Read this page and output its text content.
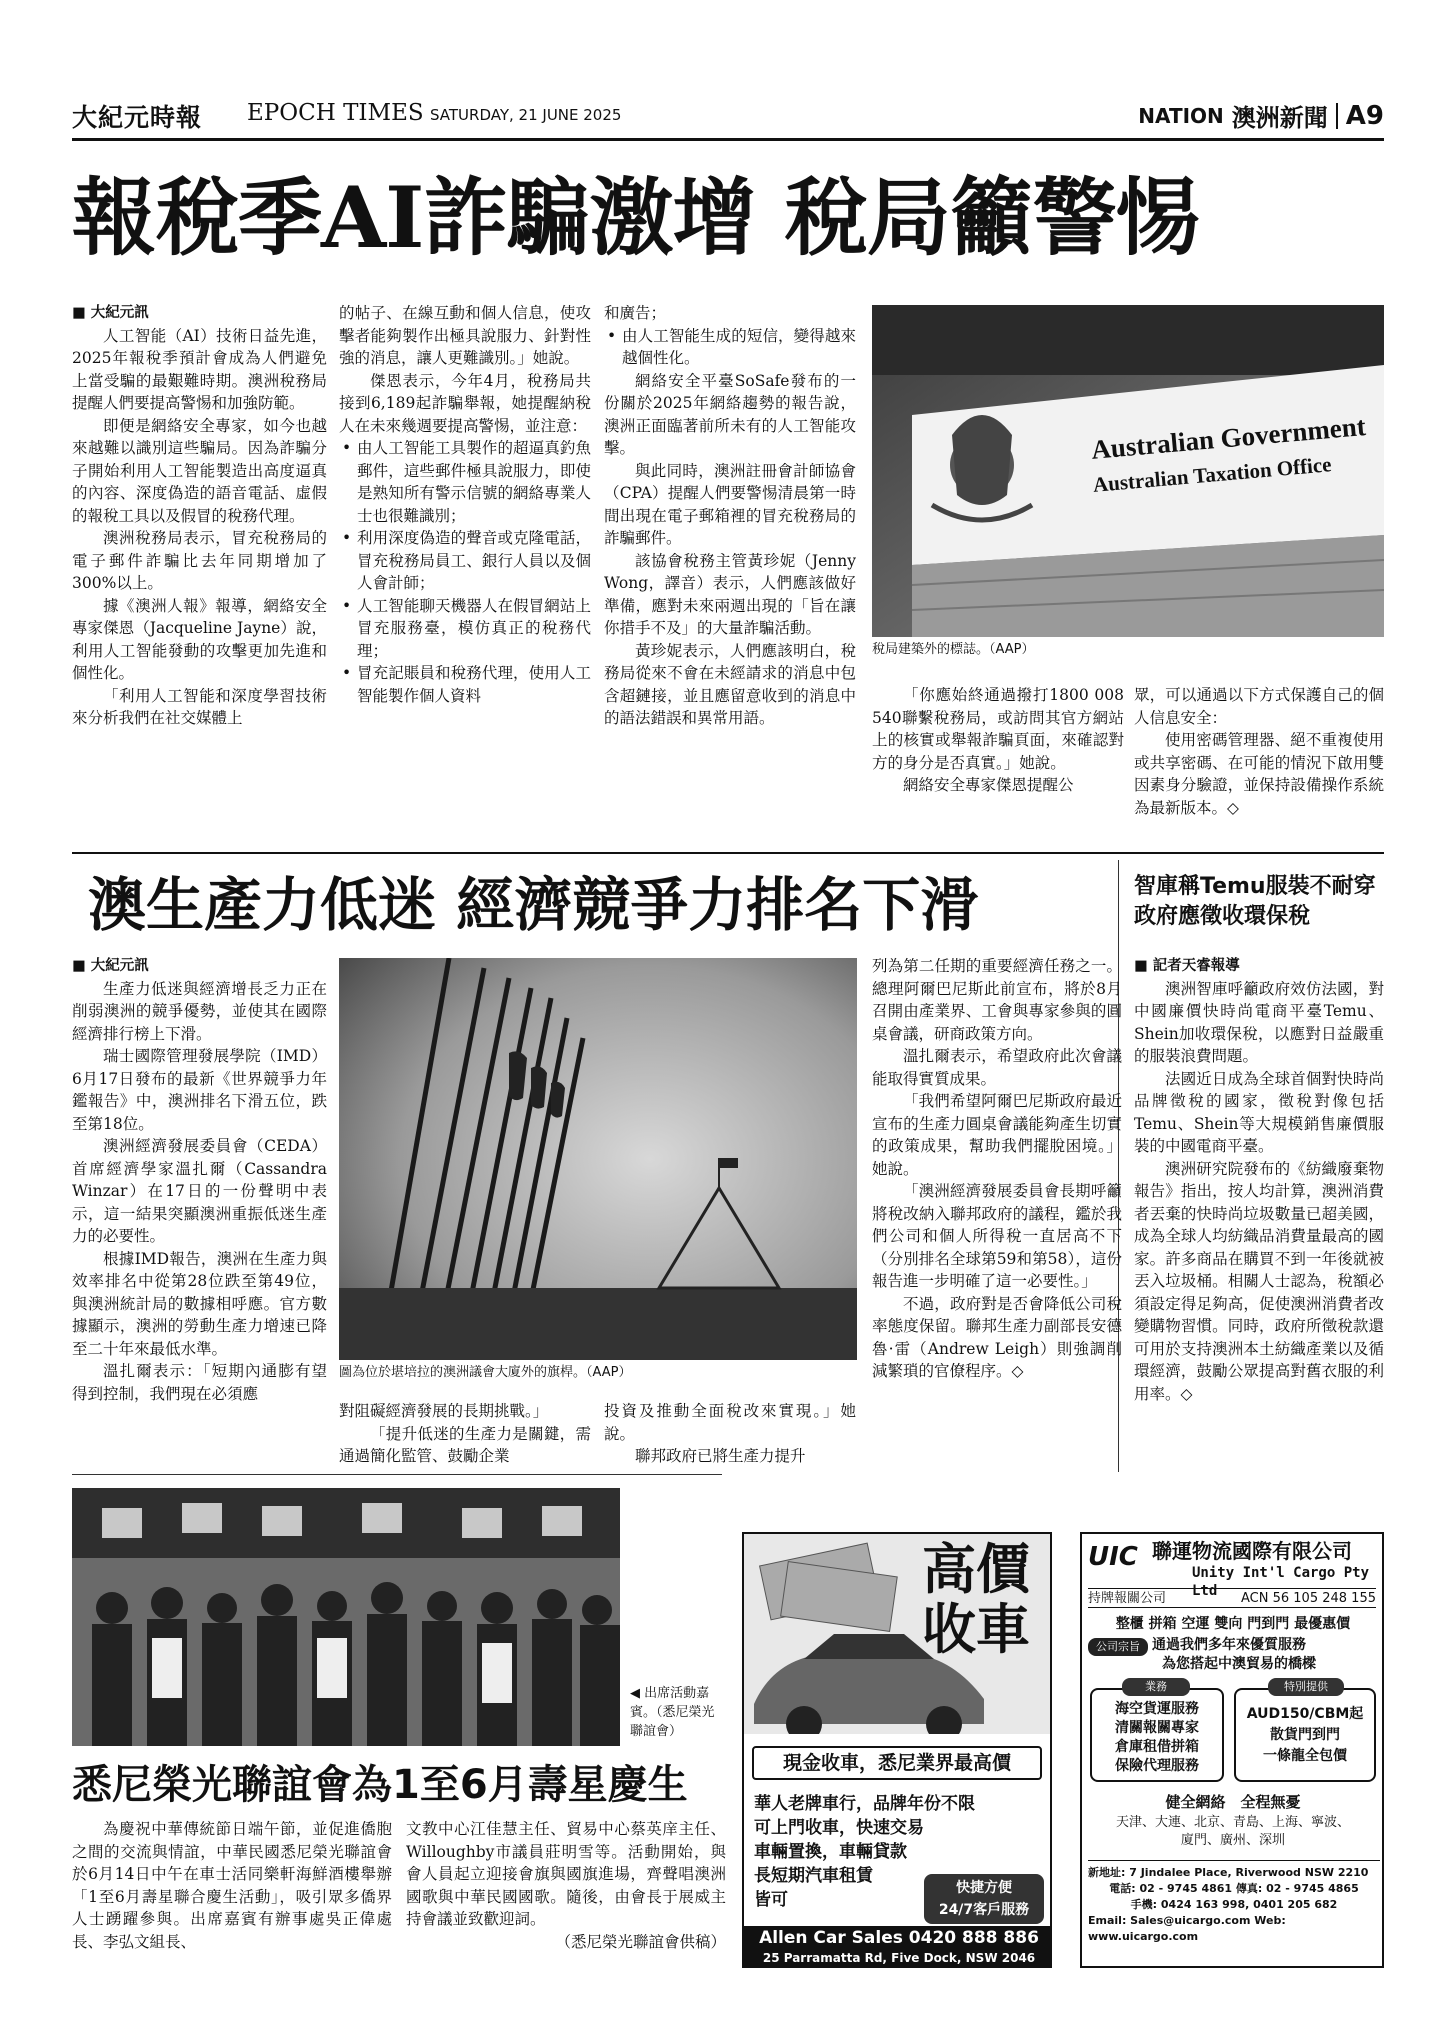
大紀元時報 EPOCH TIMES SATURDAY, 21 JUNE 2025	NATION 澳洲新聞 A9
報稅季AI詐騙激增 稅局籲警惕

■ 大紀元訊

人工智能（AI）技術日益先進，2025年報稅季預計會成為人們避免上當受騙的最艱難時期。澳洲稅務局提醒人們要提高警惕和加強防範。

即便是網絡安全專家，如今也越來越難以識別這些騙局。因為詐騙分子開始利用人工智能製造出高度逼真的內容、深度偽造的語音電話、虛假的報稅工具以及假冒的稅務代理。

澳洲稅務局表示，冒充稅務局的電子郵件詐騙比去年同期增加了300%以上。

據《澳洲人報》報導，網絡安全專家傑恩（Jacqueline Jayne）說，利用人工智能發動的攻擊更加先進和個性化。

「利用人工智能和深度學習技術來分析我們在社交媒體上

的帖子、在線互動和個人信息，使攻擊者能夠製作出極具說服力、針對性強的消息，讓人更難識別。」她說。

傑恩表示，今年4月，稅務局共接到6,189起詐騙舉報，她提醒納稅人在未來幾週要提高警惕，並注意：

• 由人工智能工具製作的超逼真釣魚郵件，這些郵件極具說服力，即使是熟知所有警示信號的網絡專業人士也很難識別；
• 利用深度偽造的聲音或克隆電話，冒充稅務局員工、銀行人員以及個人會計師；
• 人工智能聊天機器人在假冒網站上冒充服務臺，模仿真正的稅務代理；
• 冒充記賬員和稅務代理，使用人工智能製作個人資料

和廣告；

• 由人工智能生成的短信，變得越來越個性化。

網絡安全平臺SoSafe發布的一份關於2025年網絡趨勢的報告說，澳洲正面臨著前所未有的人工智能攻擊。

與此同時，澳洲註冊會計師協會（CPA）提醒人們要警惕清晨第一時間出現在電子郵箱裡的冒充稅務局的詐騙郵件。

該協會稅務主管黃珍妮（Jenny Wong，譯音）表示，人們應該做好準備，應對未來兩週出現的「旨在讓你措手不及」的大量詐騙活動。

黃珍妮表示，人們應該明白，稅務局從來不會在未經請求的消息中包含超鏈接，並且應留意收到的消息中的語法錯誤和異常用語。

Australian Government
Australian Taxation Office
稅局建築外的標誌。（AAP）

「你應始終通過撥打1800 008 540聯繫稅務局，或訪問其官方網站上的核實或舉報詐騙頁面，來確認對方的身分是否真實。」她說。

網絡安全專家傑恩提醒公

眾，可以通過以下方式保護自己的個人信息安全：

使用密碼管理器、絕不重複使用或共享密碼、在可能的情況下啟用雙因素身分驗證，並保持設備操作系統為最新版本。◇

澳生產力低迷 經濟競爭力排名下滑

■ 大紀元訊

生產力低迷與經濟增長乏力正在削弱澳洲的競爭優勢，並使其在國際經濟排行榜上下滑。

瑞士國際管理發展學院（IMD）6月17日發布的最新《世界競爭力年鑑報告》中，澳洲排名下滑五位，跌至第18位。

澳洲經濟發展委員會（CEDA）首席經濟學家溫扎爾（Cassandra Winzar）在17日的一份聲明中表示，這一結果突顯澳洲重振低迷生產力的必要性。

根據IMD報告，澳洲在生產力與效率排名中從第28位跌至第49位，與澳洲統計局的數據相呼應。官方數據顯示，澳洲的勞動生產力增速已降至二十年來最低水準。

溫扎爾表示：「短期內通膨有望得到控制，我們現在必須應

圖為位於堪培拉的澳洲議會大廈外的旗桿。（AAP）

對阻礙經濟發展的長期挑戰。」

「提升低迷的生產力是關鍵，需通過簡化監管、鼓勵企業

投資及推動全面稅改來實現。」她說。

聯邦政府已將生產力提升

列為第二任期的重要經濟任務之一。總理阿爾巴尼斯此前宣布，將於8月召開由產業界、工會與專家參與的圓桌會議，研商政策方向。

溫扎爾表示，希望政府此次會議能取得實質成果。

「我們希望阿爾巴尼斯政府最近宣布的生產力圓桌會議能夠產生切實的政策成果，幫助我們擺脫困境。」她說。

「澳洲經濟發展委員會長期呼籲將稅改納入聯邦政府的議程，鑑於我們公司和個人所得稅一直居高不下（分別排名全球第59和第58），這份報告進一步明確了這一必要性。」

不過，政府對是否會降低公司稅率態度保留。聯邦生產力副部長安德魯·雷（Andrew Leigh）則強調削減繁瑣的官僚程序。◇

智庫稱Temu服裝不耐穿 政府應徵收環保稅

■ 記者天睿報導

澳洲智庫呼籲政府效仿法國，對中國廉價快時尚電商平臺Temu、Shein加收環保稅，以應對日益嚴重的服裝浪費問題。

法國近日成為全球首個對快時尚品牌徵稅的國家，徵稅對像包括Temu、Shein等大規模銷售廉價服裝的中國電商平臺。

澳洲研究院發布的《紡織廢棄物報告》指出，按人均計算，澳洲消費者丟棄的快時尚垃圾數量已超美國，成為全球人均紡織品消費量最高的國家。許多商品在購買不到一年後就被丟入垃圾桶。相關人士認為，稅額必須設定得足夠高，促使澳洲消費者改變購物習慣。同時，政府所徵稅款還可用於支持澳洲本土紡織產業以及循環經濟，鼓勵公眾提高對舊衣服的利用率。◇

◀ 出席活動嘉賓。（悉尼榮光聯誼會）
悉尼榮光聯誼會為1至6月壽星慶生

為慶祝中華傳統節日端午節，並促進僑胞之間的交流與情誼，中華民國悉尼榮光聯誼會於6月14日中午在車士活同樂軒海鮮酒樓舉辦「1至6月壽星聯合慶生活動」，吸引眾多僑界人士踴躍參與。出席嘉賓有辦事處吳正偉處長、李弘文組長、

文教中心江佳慧主任、貿易中心蔡英庠主任、Willoughby市議員莊明雪等。活動開始，與會人員起立迎接會旗與國旗進場，齊聲唱澳洲國歌與中華民國國歌。隨後，由會長于展威主持會議並致歡迎詞。

（悉尼榮光聯誼會供稿）

高價
收車
現金收車，悉尼業界最高價
華人老牌車行，品牌年份不限
可上門收車，快速交易
車輛置換，車輛貸款
長短期汽車租賃
皆可
快捷方便
24/7客戶服務
Allen Car Sales 0420 888 886
25 Parramatta Rd, Five Dock, NSW 2046
UIC 聯運物流國際有限公司
Unity Int'l Cargo Pty Ltd
持牌報關公司	ACN 56 105 248 155
整櫃 拼箱 空運 雙向 門到門 最優惠價
公司宗旨 通過我們多年來優質服務
為您搭起中澳貿易的橋樑
海空貨運服務
清關報關專家
倉庫租借拼箱
保險代理服務
業務
AUD150/CBM起
散貨門到門
一條龍全包價
特別提供
健全網絡　全程無憂
天津、大連、北京、青島、上海、寧波、
廈門、廣州、深圳
新地址: 7 Jindalee Place, Riverwood NSW 2210
電話: 02 - 9745 4861 傳真: 02 - 9745 4865
手機: 0424 163 998, 0401 205 682
Email: Sales@uicargo.com Web: www.uicargo.com
